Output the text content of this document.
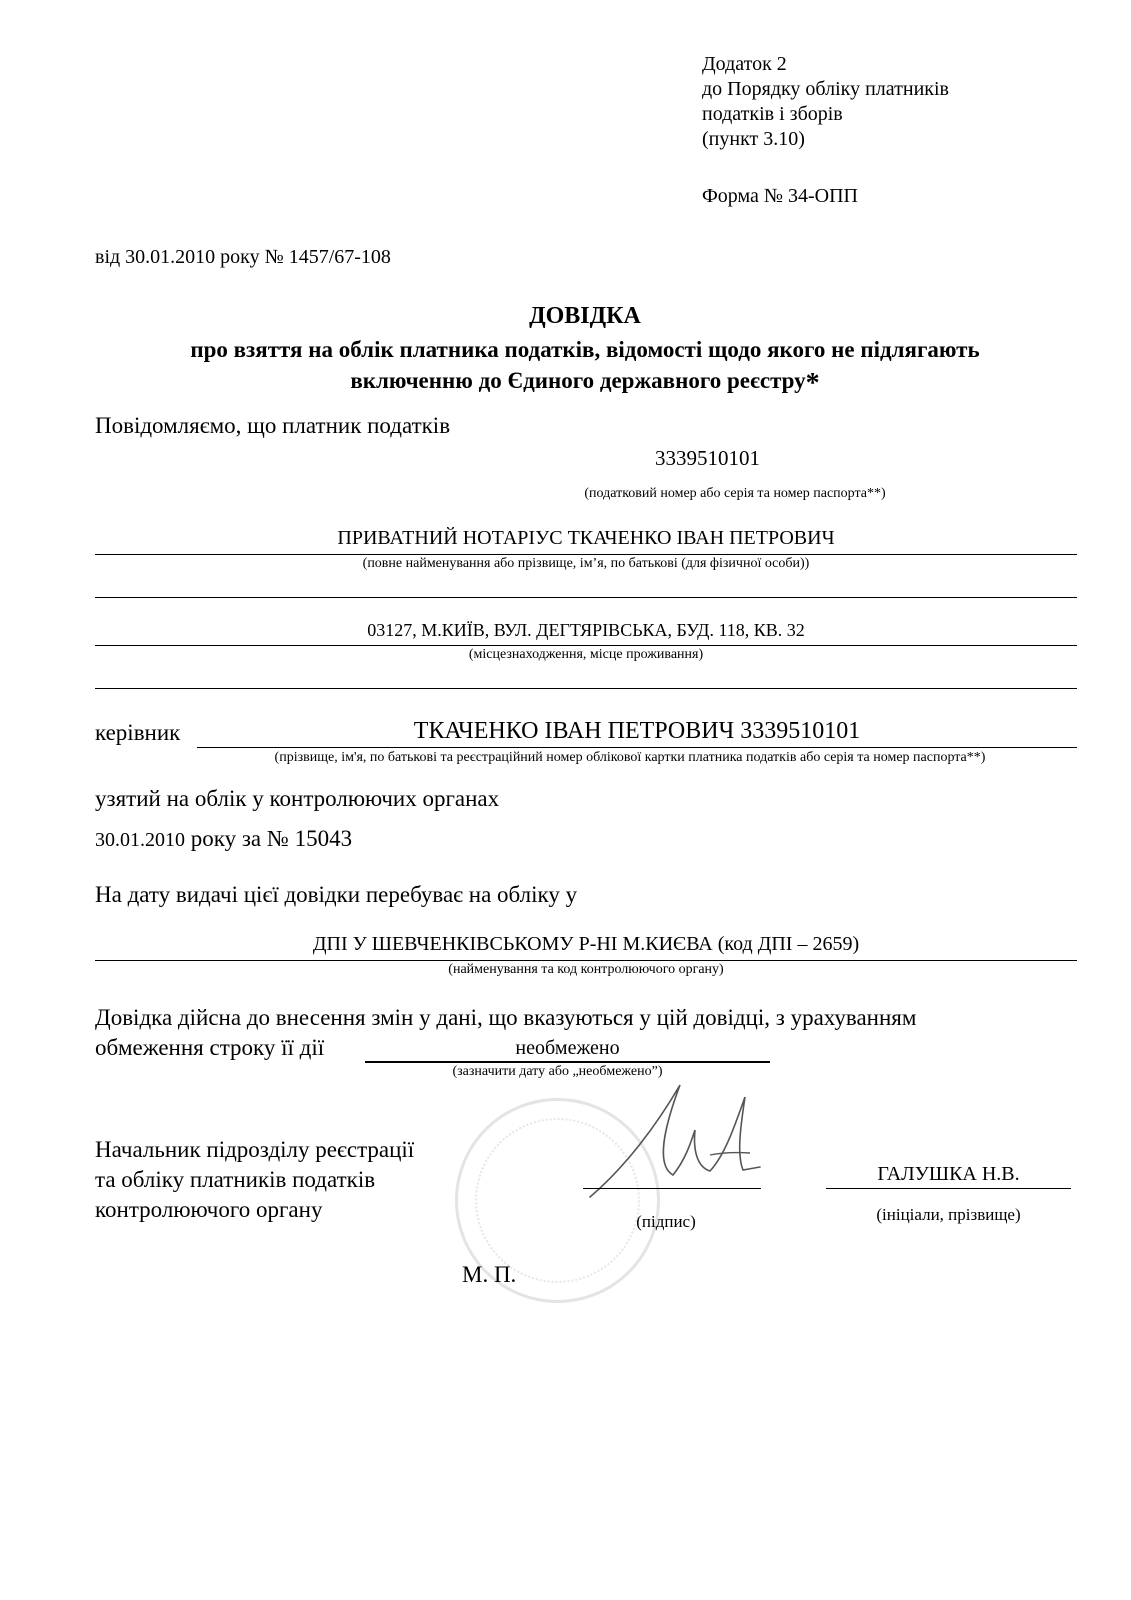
Додаток 2
до Порядку обліку платників
податків і зборів
(пункт 3.10)
Форма № 34-ОПП
від 30.01.2010 року № 1457/67-108
ДОВІДКА
про взяття на облік платника податків, відомості щодо якого не підлягають
включенню до Єдиного державного реєстру*
Повідомляємо, що платник податків
3339510101
(податковий номер або серія та номер паспорта**)
ПРИВАТНИЙ НОТАРІУС ТКАЧЕНКО ІВАН ПЕТРОВИЧ
(повне найменування або прізвище, ім’я, по батькові (для фізичної особи))
03127, М.КИЇВ, ВУЛ. ДЕГТЯРІВСЬКА, БУД. 118, КВ. 32
(місцезнаходження, місце проживання)
керівник	ТКАЧЕНКО ІВАН ПЕТРОВИЧ 3339510101
(прізвище, ім'я, по батькові та реєстраційний номер облікової картки платника податків або серія та номер паспорта**)
узятий на облік у контролюючих органах
30.01.2010 року за № 15043
На дату видачі цієї довідки перебуває на обліку у
ДПІ У ШЕВЧЕНКІВСЬКОМУ Р-НІ М.КИЄВА (код ДПІ – 2659)
(найменування та код контролюючого органу)
Довідка дійсна до внесення змін у дані, що вказуються у цій довідці, з урахуванням
обмеження строку її дії	необмежено
(зазначити дату або „необмежено”)
Начальник підрозділу реєстрації
та обліку платників податків
контролюючого органу	(підпис)
ГАЛУШКА Н.В.
(ініціали, прізвище)
М. П.
